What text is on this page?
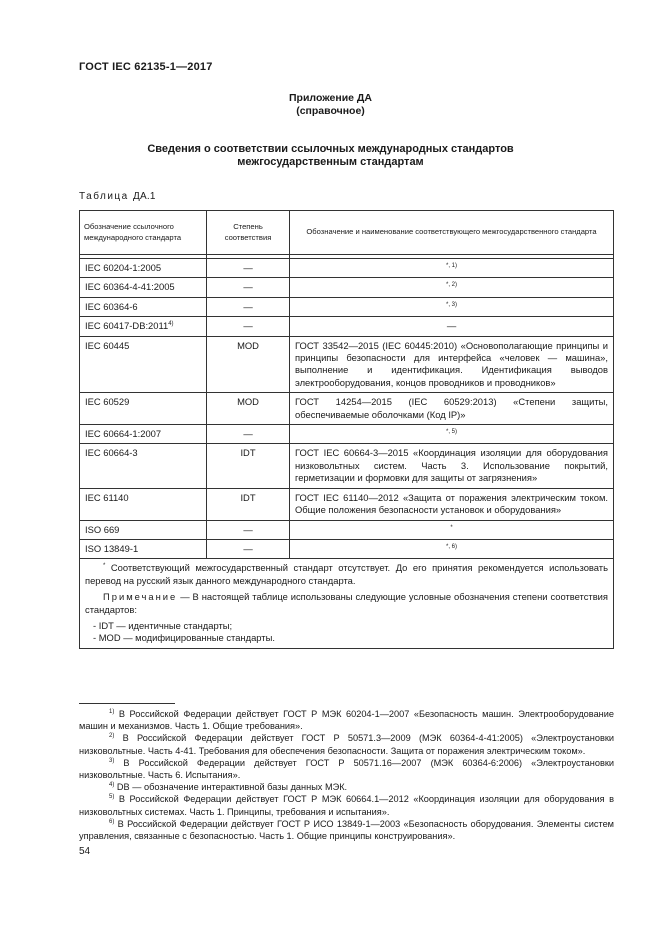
ГОСТ IEC 62135-1—2017
Приложение ДА
(справочное)
Сведения о соответствии ссылочных международных стандартов
межгосударственным стандартам
Таблица ДА.1
Обозначение ссылочного международного стандарта	Степень соответствия	Обозначение и наименование соответствующего межгосударственного стандарта

IEC 60204-1:2005	—	$^{*, 1)}$
IEC 60364-4-41:2005	—	$^{*, 2)}$
IEC 60364-6	—	$^{*, 3)}$
IEC 60417-DB:2011$^{4)}$	—	—
IEC 60445	MOD	ГОСТ 33542—2015 (IEC 60445:2010) «Основополагающие принципы и принципы безопасности для интерфейса «человек — машина», выполнение и идентификация. Идентификация выводов электрооборудования, концов проводников и проводников»
IEC 60529	MOD	ГОСТ 14254—2015 (IEC 60529:2013) «Степени защиты, обеспечиваемые оболочками (Код IP)»
IEC 60664-1:2007	—	$^{*, 5)}$
IEC 60664-3	IDT	ГОСТ IEC 60664-3—2015 «Координация изоляции для оборудования низковольтных систем. Часть 3. Использование покрытий, герметизации и формовки для защиты от загрязнения»
IEC 61140	IDT	ГОСТ IEC 61140—2012 «Защита от поражения электрическим током. Общие положения безопасности установок и оборудования»
ISO 669	—	*
ISO 13849-1	—	$^{*, 6)}$

* Соответствующий межгосударственный стандарт отсутствует. До его принятия рекомендуется использовать перевод на русский язык данного международного стандарта.

Примечание — В настоящей таблице использованы следующие условные обозначения степени соответствия стандартов:

- IDT — идентичные стандарты;
- MOD — модифицированные стандарты.		

$^{1)}$ В Российской Федерации действует ГОСТ Р МЭК 60204-1—2007 «Безопасность машин. Электрооборудование машин и механизмов. Часть 1. Общие требования».

$^{2)}$ В Российской Федерации действует ГОСТ Р 50571.3—2009 (МЭК 60364-4-41:2005) «Электроустановки низковольтные. Часть 4-41. Требования для обеспечения безопасности. Защита от поражения электрическим током».

$^{3)}$ В Российской Федерации действует ГОСТ Р 50571.16—2007 (МЭК 60364-6:2006) «Электроустановки низковольтные. Часть 6. Испытания».

$^{4)}$ DB — обозначение интерактивной базы данных МЭК.

$^{5)}$ В Российской Федерации действует ГОСТ Р МЭК 60664.1—2012 «Координация изоляции для оборудования в низковольтных системах. Часть 1. Принципы, требования и испытания».

$^{6)}$ В Российской Федерации действует ГОСТ Р ИСО 13849-1—2003 «Безопасность оборудования. Элементы систем управления, связанные с безопасностью. Часть 1. Общие принципы конструирования».

54
